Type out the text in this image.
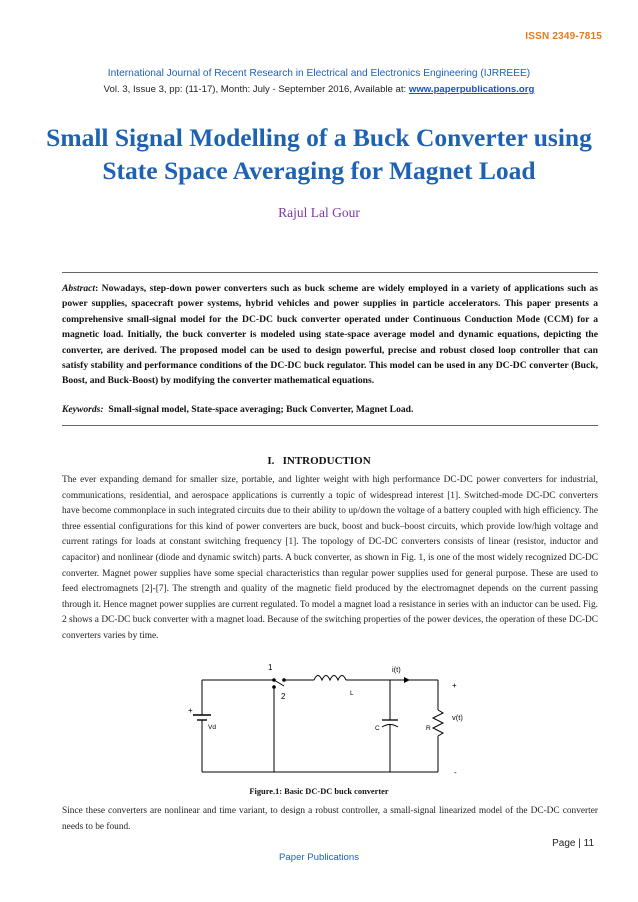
ISSN 2349-7815
International Journal of Recent Research in Electrical and Electronics Engineering (IJRREEE)
Vol. 3, Issue 3, pp: (11-17), Month: July - September 2016, Available at: www.paperpublications.org
Small Signal Modelling of a Buck Converter using State Space Averaging for Magnet Load
Rajul Lal Gour
Abstract: Nowadays, step-down power converters such as buck scheme are widely employed in a variety of applications such as power supplies, spacecraft power systems, hybrid vehicles and power supplies in particle accelerators. This paper presents a comprehensive small-signal model for the DC-DC buck converter operated under Continuous Conduction Mode (CCM) for a magnetic load. Initially, the buck converter is modeled using state-space average model and dynamic equations, depicting the converter, are derived. The proposed model can be used to design powerful, precise and robust closed loop controller that can satisfy stability and performance conditions of the DC-DC buck regulator. This model can be used in any DC-DC converter (Buck, Boost, and Buck-Boost) by modifying the converter mathematical equations.
Keywords:  Small-signal model, State-space averaging; Buck Converter, Magnet Load.
I.   INTRODUCTION
The ever expanding demand for smaller size, portable, and lighter weight with high performance DC-DC power converters for industrial, communications, residential, and aerospace applications is currently a topic of widespread interest [1]. Switched-mode DC-DC converters have become commonplace in such integrated circuits due to their ability to up/down the voltage of a battery coupled with high efficiency. The three essential configurations for this kind of power converters are buck, boost and buck–boost circuits, which provide low/high voltage and current ratings for loads at constant switching frequency [1]. The topology of DC-DC converters consists of linear (resistor, inductor and capacitor) and nonlinear (diode and dynamic switch) parts. A buck converter, as shown in Fig. 1, is one of the most widely recognized DC-DC converter. Magnet power supplies have some special characteristics than regular power supplies used for general purpose. These are used to feed electromagnets [2]-[7]. The strength and quality of the magnetic field produced by the electromagnet depends on the current passing through it. Hence magnet power supplies are current regulated. To model a magnet load a resistance in series with an inductor can be used. Fig. 2 shows a DC-DC buck converter with a magnet load. Because of the switching properties of the power devices, the operation of these DC-DC converters varies by time.
1
2
+
Vd
L
i(t)
+
v(t)
-
C	R
Figure.1: Basic DC-DC buck converter
Since these converters are nonlinear and time variant, to design a robust controller, a small-signal linearized model of the DC-DC converter needs to be found.
Page | 11
Paper Publications
